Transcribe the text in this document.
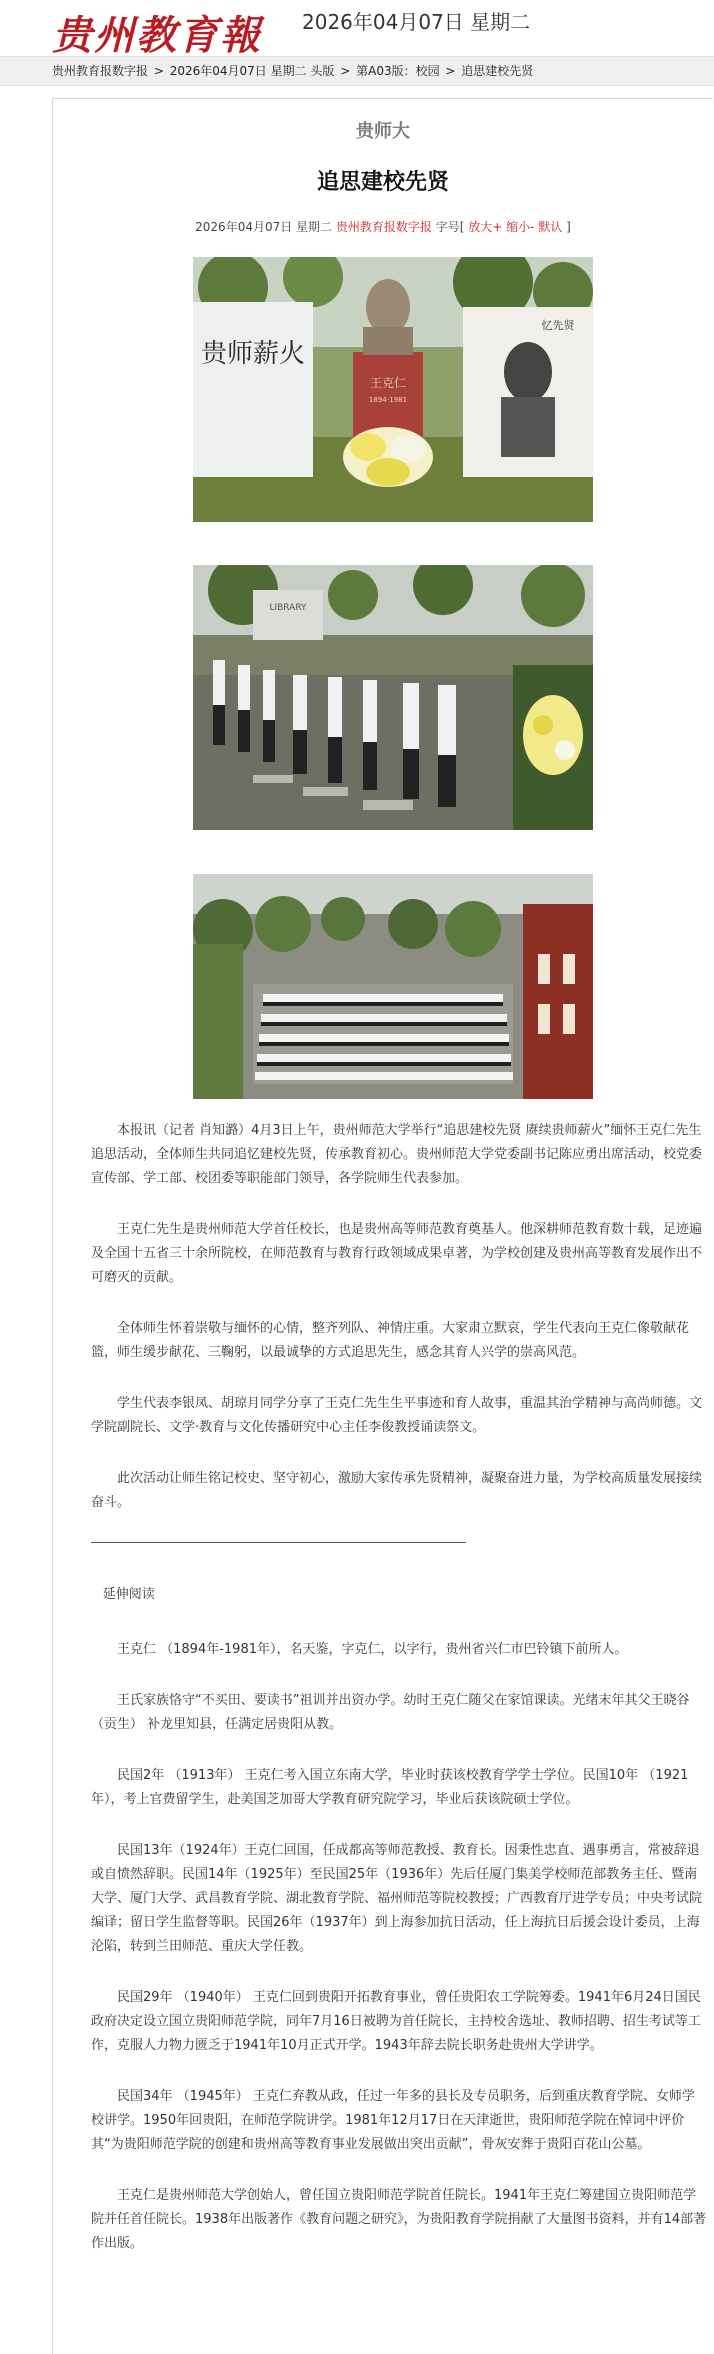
贵州教育報 2026年04月07日 星期二
贵州教育报数字报 > 2026年04月07日 星期二 头版 > 第A03版：校园 > 追思建校先贤
贵师大
追思建校先贤
2026年04月07日 星期二 贵州教育报数字报 字号[ 放大+ 缩小- 默认 ]
贵师薪火
忆先贤
王克仁
1894-1981
LIBRARY

本报讯（记者 肖知潞）4月3日上午，贵州师范大学举行“追思建校先贤 赓续贵师薪火”缅怀王克仁先生追思活动，全体师生共同追忆建校先贤，传承教育初心。贵州师范大学党委副书记陈应勇出席活动，校党委宣传部、学工部、校团委等职能部门领导，各学院师生代表参加。

王克仁先生是贵州师范大学首任校长，也是贵州高等师范教育奠基人。他深耕师范教育数十载，足迹遍及全国十五省三十余所院校，在师范教育与教育行政领域成果卓著，为学校创建及贵州高等教育发展作出不可磨灭的贡献。

全体师生怀着崇敬与缅怀的心情，整齐列队、神情庄重。大家肃立默哀，学生代表向王克仁像敬献花篮，师生缓步献花、三鞠躬，以最诚挚的方式追思先生，感念其育人兴学的崇高风范。

学生代表李银凤、胡琼月同学分享了王克仁先生生平事迹和育人故事，重温其治学精神与高尚师德。文学院副院长、文学·教育与文化传播研究中心主任李俊教授诵读祭文。

此次活动让师生铭记校史、坚守初心，激励大家传承先贤精神，凝聚奋进力量，为学校高质量发展接续奋斗。

延伸阅读

王克仁 （1894年-1981年），名天鉴，字克仁，以字行，贵州省兴仁市巴铃镇下前所人。

王氏家族恪守“不买田、要读书”祖训并出资办学。幼时王克仁随父在家馆课读。光绪末年其父王晓谷 （贡生） 补龙里知县，任满定居贵阳从教。

民国2年 （1913年） 王克仁考入国立东南大学，毕业时获该校教育学学士学位。民国10年 （1921年），考上官费留学生，赴美国芝加哥大学教育研究院学习，毕业后获该院硕士学位。

民国13年（1924年）王克仁回国，任成都高等师范教授、教育长。因秉性忠直、遇事勇言，常被辞退或自愤然辞职。民国14年（1925年）至民国25年（1936年）先后任厦门集美学校师范部教务主任、暨南大学、厦门大学、武昌教育学院、湖北教育学院、福州师范等院校教授；广西教育厅进学专员；中央考试院编译；留日学生监督等职。民国26年（1937年）到上海参加抗日活动，任上海抗日后援会设计委员，上海沦陷，转到兰田师范、重庆大学任教。

民国29年 （1940年） 王克仁回到贵阳开拓教育事业，曾任贵阳农工学院筹委。1941年6月24日国民政府决定设立国立贵阳师范学院，同年7月16日被聘为首任院长，主持校舍选址、教师招聘、招生考试等工作，克服人力物力匮乏于1941年10月正式开学。1943年辞去院长职务赴贵州大学讲学。

民国34年 （1945年） 王克仁弃教从政，任过一年多的县长及专员职务，后到重庆教育学院、女师学校讲学。1950年回贵阳，在师范学院讲学。1981年12月17日在天津逝世，贵阳师范学院在悼词中评价其“为贵阳师范学院的创建和贵州高等教育事业发展做出突出贡献”，骨灰安葬于贵阳百花山公墓。

王克仁是贵州师范大学创始人，曾任国立贵阳师范学院首任院长。1941年王克仁筹建国立贵阳师范学院并任首任院长。1938年出版著作《教育问题之研究》，为贵阳教育学院捐献了大量图书资料，并有14部著作出版。
